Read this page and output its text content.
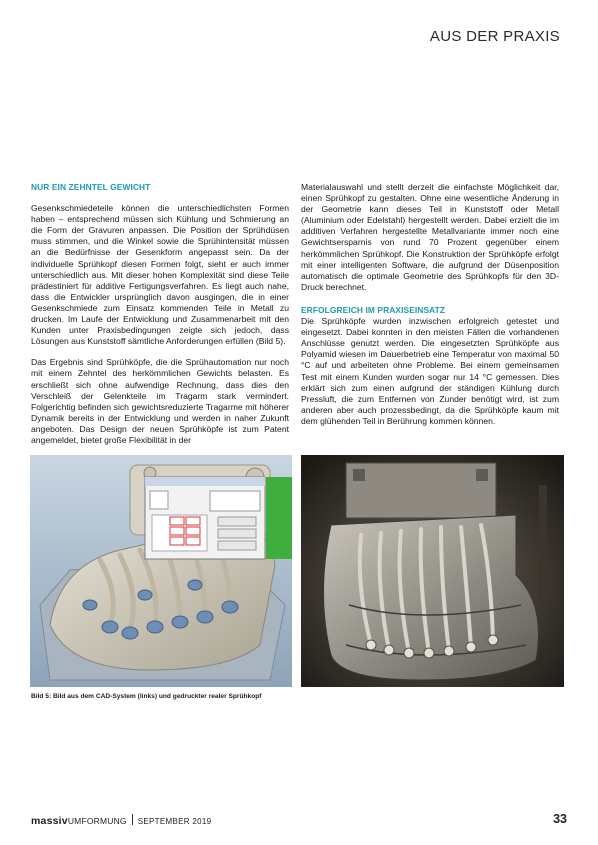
AUS DER PRAXIS

NUR EIN ZEHNTEL GEWICHT

Gesenkschmiedeteile können die unterschiedlichsten Formen haben – entsprechend müssen sich Kühlung und Schmierung an die Form der Gravuren anpassen. Die Position der Sprühdüsen muss stimmen, und die Winkel sowie die Sprühintensität müssen an die Bedürfnisse der Gesenkform angepasst sein. Da der individuelle Sprühkopf diesen Formen folgt, sieht er auch immer unterschiedlich aus. Mit dieser hohen Komplexität sind diese Teile prädestiniert für additive Fertigungsverfahren. Es liegt auch nahe, dass die Entwickler ursprünglich davon ausgingen, die in einer Gesenkschmiede zum Einsatz kommenden Teile in Metall zu drucken. Im Laufe der Entwicklung und Zusammenarbeit mit den Kunden unter Praxisbedingungen zeigte sich jedoch, dass Lösungen aus Kunststoff sämtliche Anforderungen erfüllen (Bild 5).

Das Ergebnis sind Sprühköpfe, die die Sprühautomation nur noch mit einem Zehntel des herkömmlichen Gewichts belasten. Es erschließt sich ohne aufwendige Rechnung, dass dies den Verschleiß der Gelenkteile im Tragarm stark vermindert. Folgerichtig befinden sich gewichtsreduzierte Tragarme mit höherer Dynamik bereits in der Entwicklung und werden in naher Zukunft angeboten. Das Design der neuen Sprühköpfe ist zum Patent angemeldet, bietet große Flexibilität in der

Materialauswahl und stellt derzeit die einfachste Möglichkeit dar, einen Sprühkopf zu gestalten. Ohne eine wesentliche Änderung in der Geometrie kann dieses Teil in Kunststoff oder Metall (Aluminium oder Edelstahl) hergestellt werden. Dabei erzielt die im additiven Verfahren hergestellte Metallvariante immer noch eine Gewichtsersparnis von rund 70 Prozent gegenüber einem herkömmlichen Sprühkopf. Die Konstruktion der Sprühköpfe erfolgt mit einer intelligenten Software, die aufgrund der Düsenposition automatisch die optimale Geometrie des Sprühkopfs für den 3D-Druck berechnet.

ERFOLGREICH IM PRAXISEINSATZ

Die Sprühköpfe wurden inzwischen erfolgreich getestet und eingesetzt. Dabei konnten in den meisten Fällen die vorhandenen Anschlüsse genutzt werden. Die eingesetzten Sprühköpfe aus Polyamid wiesen im Dauerbetrieb eine Temperatur von maximal 50 °C auf und arbeiteten ohne Probleme. Bei einem gemeinsamen Test mit einem Kunden wurden sogar nur 14 °C gemessen. Dies erklärt sich zum einen aufgrund der ständigen Kühlung durch Pressluft, die zum Entfernen von Zunder benötigt wird, ist zum anderen aber auch prozessbedingt, da die Sprühköpfe kaum mit dem glühenden Teil in Berührung kommen können.

Bild 5: Bild aus dem CAD-System (links) und gedruckter realer Sprühkopf
massivUMFORMUNG SEPTEMBER 2019	33
